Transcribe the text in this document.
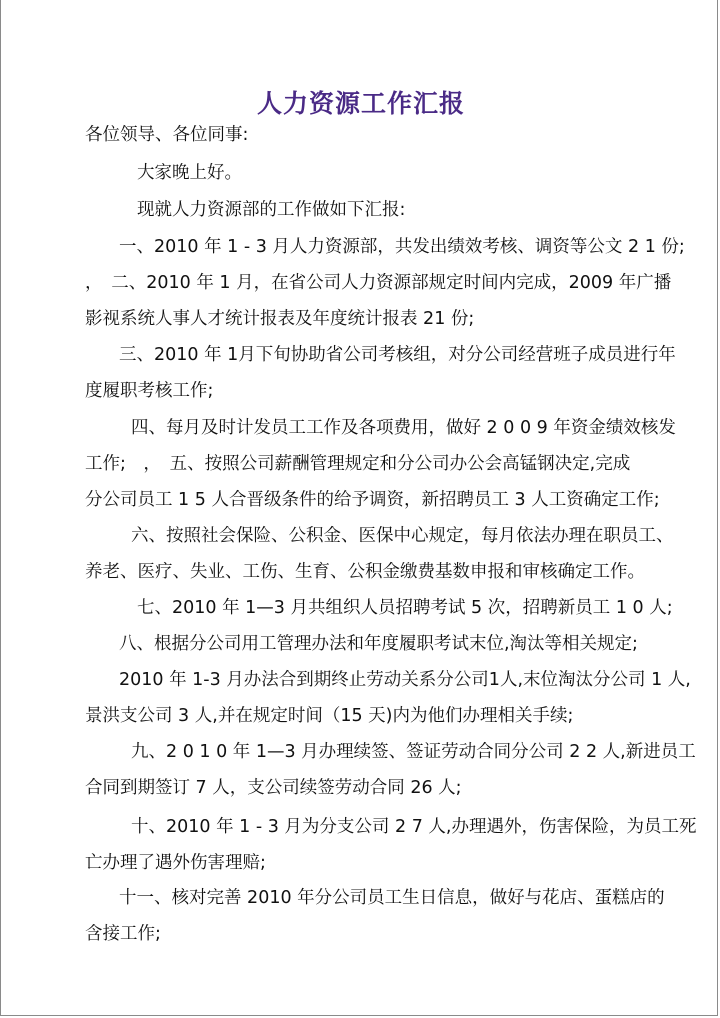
人力资源工作汇报
各位领导、各位同事:
大家晚上好。
现就人力资源部的工作做如下汇报:
一、2010 年 1 - 3 月人力资源部，共发出绩效考核、调资等公文 2 1 份;
，　二、2010 年 1 月，在省公司人力资源部规定时间内完成，2009 年广播
影视系统人事人才统计报表及年度统计报表 21 份;
三、2010 年 1月下旬协助省公司考核组，对分公司经营班子成员进行年
度履职考核工作;
四、每月及时计发员工工作及各项费用，做好 2 0 0 9 年资金绩效核发
工作;　，　五、按照公司薪酬管理规定和分公司办公会高锰钢决定,完成
分公司员工 1 5 人合晋级条件的给予调资，新招聘员工 3 人工资确定工作;
六、按照社会保险、公积金、医保中心规定，每月依法办理在职员工、
养老、医疗、失业、工伤、生育、公积金缴费基数申报和审核确定工作。
七、2010 年 1—3 月共组织人员招聘考试 5 次，招聘新员工 1 0 人;
八、根据分公司用工管理办法和年度履职考试末位,淘汰等相关规定;
2010 年 1-3 月办法合到期终止劳动关系分公司1人,末位淘汰分公司 1 人,
景洪支公司 3 人,并在规定时间（15 天)内为他们办理相关手续;
九、2 0 1 0 年 1—3 月办理续签、签证劳动合同分公司 2 2 人,新进员工
合同到期签订 7 人，支公司续签劳动合同 26 人;
十、2010 年 1 - 3 月为分支公司 2 7 人,办理遇外，伤害保险，为员工死
亡办理了遇外伤害理赔;
十一、核对完善 2010 年分公司员工生日信息，做好与花店、蛋糕店的
含接工作;
